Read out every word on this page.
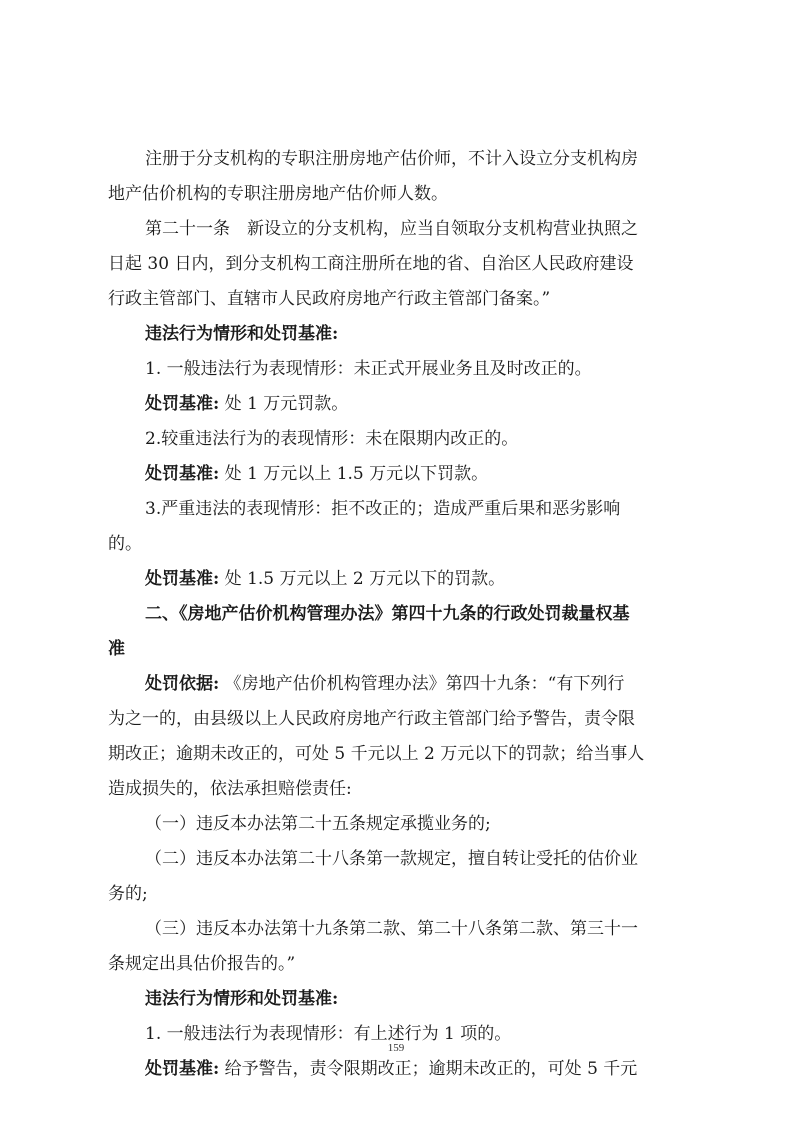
注册于分支机构的专职注册房地产估价师，不计入设立分支机构房
地产估价机构的专职注册房地产估价师人数。
第二十一条　新设立的分支机构，应当自领取分支机构营业执照之
日起 30 日内，到分支机构工商注册所在地的省、自治区人民政府建设
行政主管部门、直辖市人民政府房地产行政主管部门备案。”
违法行为情形和处罚基准:
1. 一般违法行为表现情形：未正式开展业务且及时改正的。
处罚基准: 处 1 万元罚款。
2.较重违法行为的表现情形：未在限期内改正的。
处罚基准: 处 1 万元以上 1.5 万元以下罚款。
3.严重违法的表现情形：拒不改正的；造成严重后果和恶劣影响
的。
处罚基准: 处 1.5 万元以上 2 万元以下的罚款。
二、《房地产估价机构管理办法》第四十九条的行政处罚裁量权基
准
处罚依据: 《房地产估价机构管理办法》第四十九条：“有下列行
为之一的，由县级以上人民政府房地产行政主管部门给予警告，责令限
期改正；逾期未改正的，可处 5 千元以上 2 万元以下的罚款；给当事人
造成损失的，依法承担赔偿责任:
（一）违反本办法第二十五条规定承揽业务的;
（二）违反本办法第二十八条第一款规定，擅自转让受托的估价业
务的;
（三）违反本办法第十九条第二款、第二十八条第二款、第三十一
条规定出具估价报告的。”
违法行为情形和处罚基准:
1. 一般违法行为表现情形：有上述行为 1 项的。
处罚基准: 给予警告，责令限期改正；逾期未改正的，可处 5 千元
159
